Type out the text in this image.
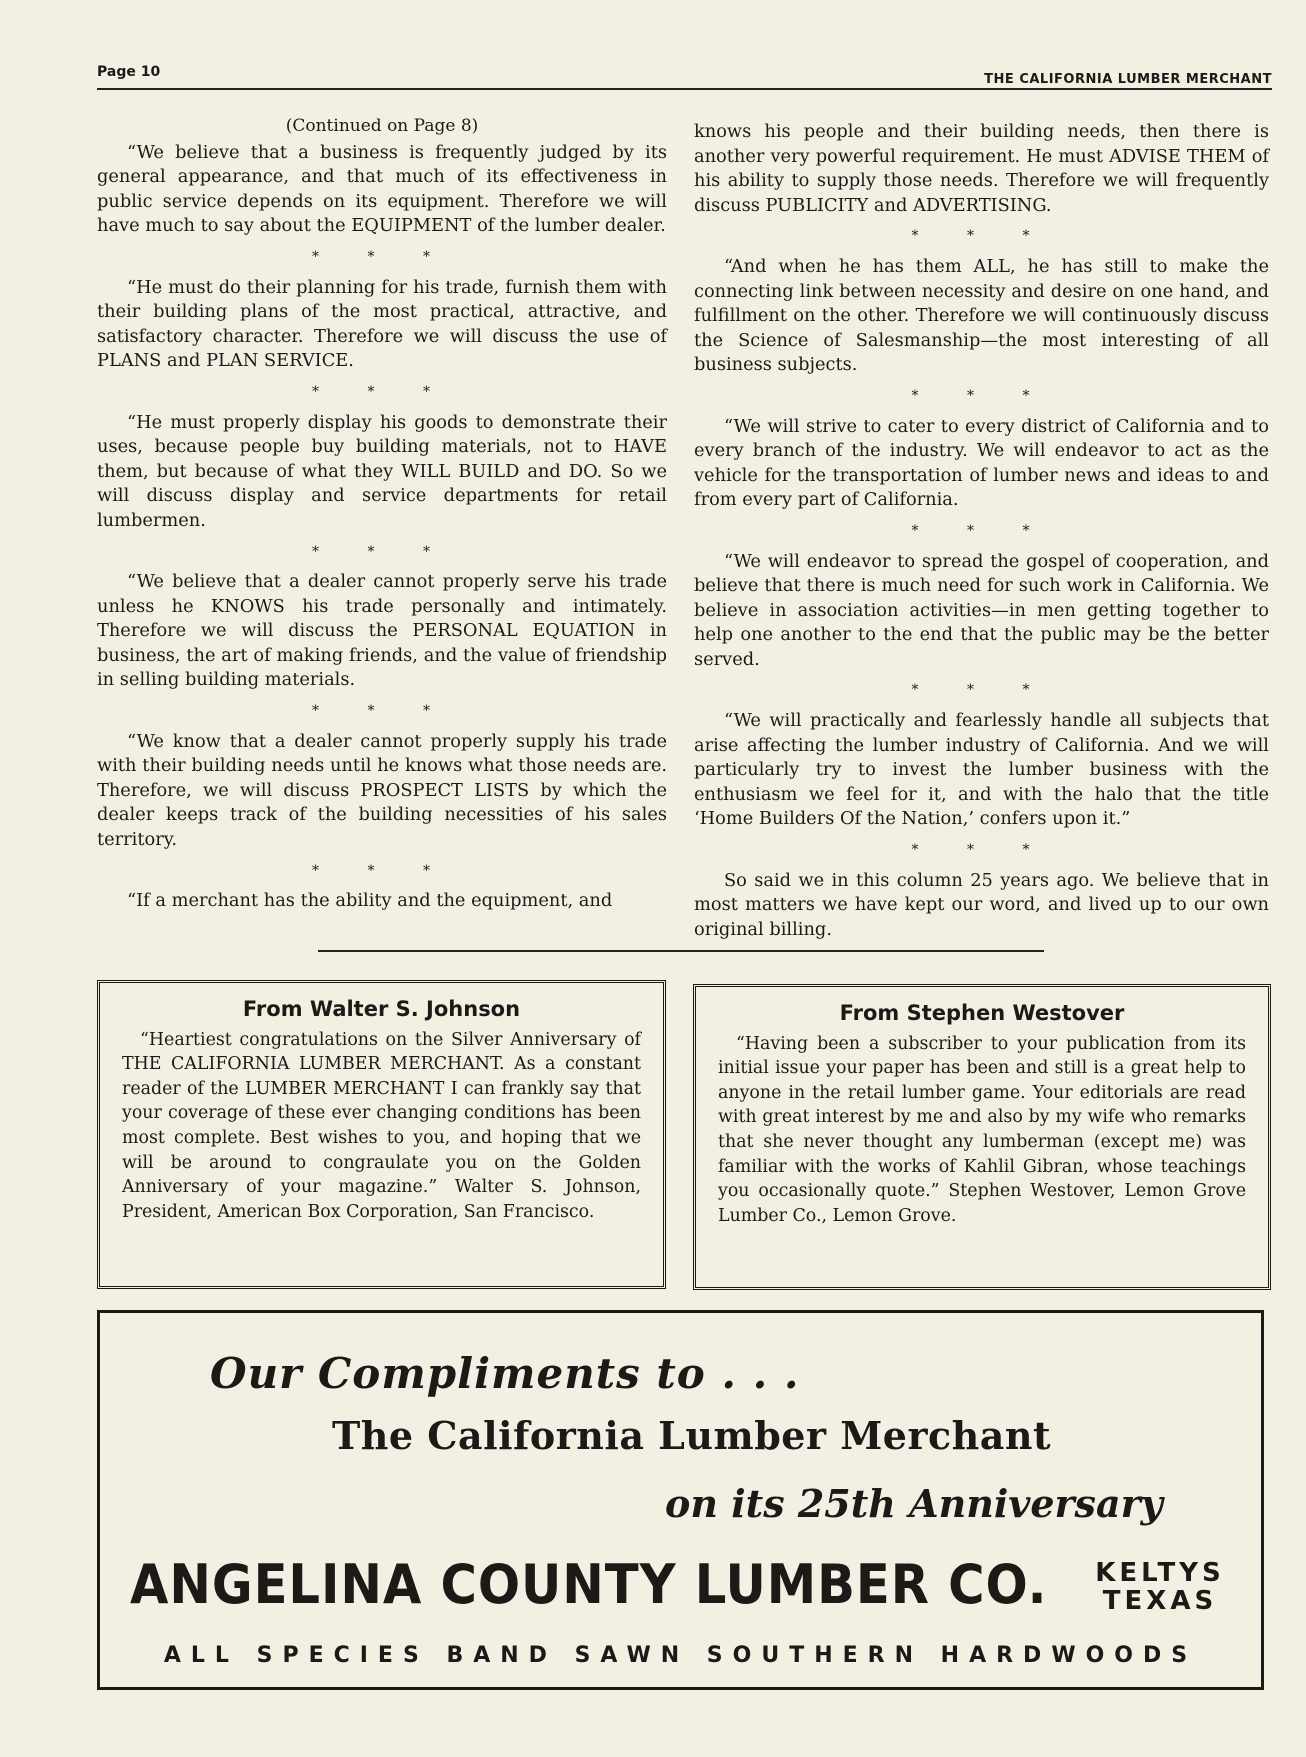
Page 10	THE CALIFORNIA LUMBER MERCHANT

(Continued on Page 8)

“We believe that a business is frequently judged by its general appearance, and that much of its effectiveness in public service depends on its equipment. Therefore we will have much to say about the EQUIPMENT of the lumber dealer.

* * *

“He must do their planning for his trade, furnish them with their building plans of the most practical, attractive, and satisfactory character. Therefore we will discuss the use of PLANS and PLAN SERVICE.

* * *

“He must properly display his goods to demonstrate their uses, because people buy building materials, not to HAVE them, but because of what they WILL BUILD and DO. So we will discuss display and service departments for retail lumbermen.

* * *

“We believe that a dealer cannot properly serve his trade unless he KNOWS his trade personally and intimately. Therefore we will discuss the PERSONAL EQUATION in business, the art of making friends, and the value of friendship in selling building materials.

* * *

“We know that a dealer cannot properly supply his trade with their building needs until he knows what those needs are. Therefore, we will discuss PROSPECT LISTS by which the dealer keeps track of the building necessities of his sales territory.

* * *

“If a merchant has the ability and the equipment, and

knows his people and their building needs, then there is another very powerful requirement. He must ADVISE THEM of his ability to supply those needs. Therefore we will frequently discuss PUBLICITY and ADVERTISING.

* * *

“And when he has them ALL, he has still to make the connecting link between necessity and desire on one hand, and fulfillment on the other. Therefore we will continuously discuss the Science of Salesmanship—the most interesting of all business subjects.

* * *

“We will strive to cater to every district of California and to every branch of the industry. We will endeavor to act as the vehicle for the transportation of lumber news and ideas to and from every part of California.

* * *

“We will endeavor to spread the gospel of cooperation, and believe that there is much need for such work in California. We believe in association activities—in men getting together to help one another to the end that the public may be the better served.

* * *

“We will practically and fearlessly handle all subjects that arise affecting the lumber industry of California. And we will particularly try to invest the lumber business with the enthusiasm we feel for it, and with the halo that the title ‘Home Builders Of the Nation,’ confers upon it.”

* * *

So said we in this column 25 years ago. We believe that in most matters we have kept our word, and lived up to our own original billing.

From Walter S. Johnson
“Heartiest congratulations on the Silver Anniversary of THE CALIFORNIA LUMBER MERCHANT. As a constant reader of the LUMBER MERCHANT I can frankly say that your coverage of these ever changing conditions has been most complete. Best wishes to you, and hoping that we will be around to congraulate you on the Golden Anniversary of your magazine.” Walter S. Johnson, President, American Box Corporation, San Francisco.
From Stephen Westover
“Having been a subscriber to your publication from its initial issue your paper has been and still is a great help to anyone in the retail lumber game. Your editorials are read with great interest by me and also by my wife who remarks that she never thought any lumberman (except me) was familiar with the works of Kahlil Gibran, whose teachings you occasionally quote.” Stephen Westover, Lemon Grove Lumber Co., Lemon Grove.
Our Compliments to . . .
The California Lumber Merchant
on its 25th Anniversary
ANGELINA COUNTY LUMBER CO. KELTYS
TEXAS
ALL SPECIES BAND SAWN SOUTHERN HARDWOODS
